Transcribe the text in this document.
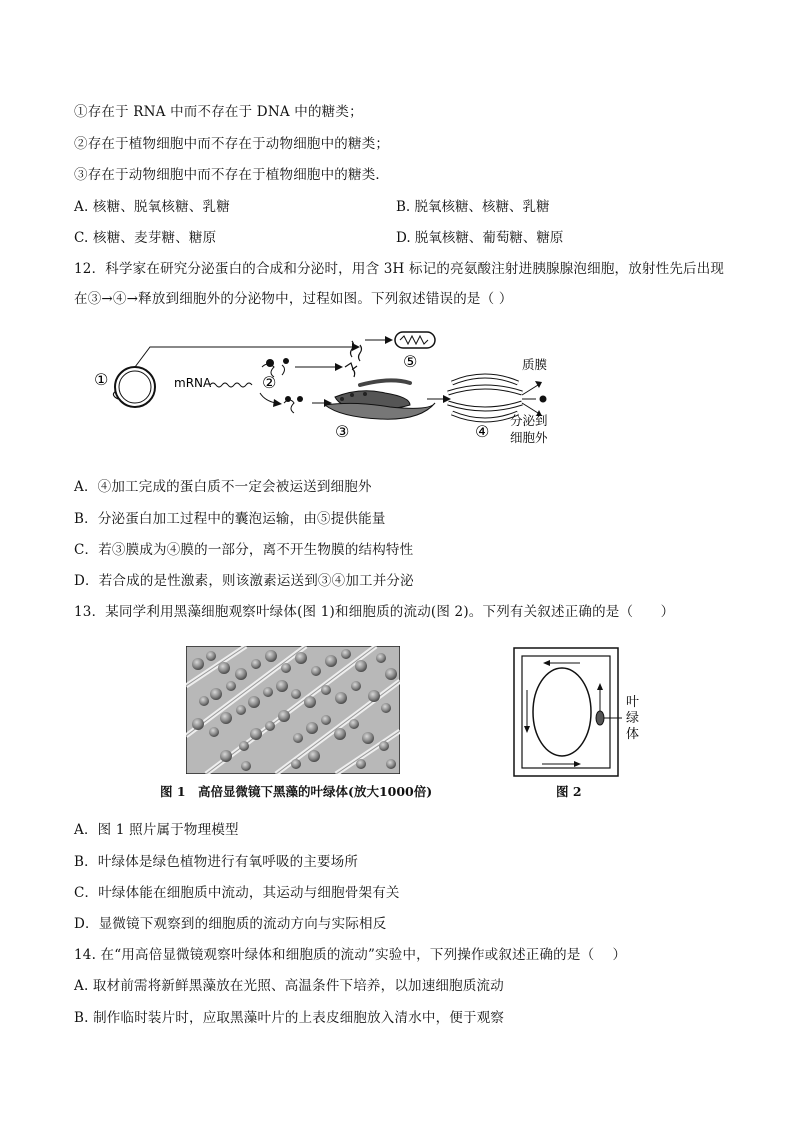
①存在于 RNA 中而不存在于 DNA 中的糖类；
②存在于植物细胞中而不存在于动物细胞中的糖类；
③存在于动物细胞中而不存在于植物细胞中的糖类．
A. 核糖、脱氧核糖、乳糖	B. 脱氧核糖、核糖、乳糖
C. 核糖、麦芽糖、糖原	D. 脱氧核糖、葡萄糖、糖原
12．科学家在研究分泌蛋白的合成和分泌时，用含 3H 标记的亮氨酸注射进胰腺腺泡细胞，放射性先后出现
在③→④→释放到细胞外的分泌物中，过程如图。下列叙述错误的是（ ）
①	mRNA	②
⑤
③	④
质膜
分泌到
细胞外
A．④加工完成的蛋白质不一定会被运送到细胞外
B．分泌蛋白加工过程中的囊泡运输，由⑤提供能量
C．若③膜成为④膜的一部分，离不开生物膜的结构特性
D．若合成的是性激素，则该激素运送到③④加工并分泌
13．某同学利用黑藻细胞观察叶绿体(图 1)和细胞质的流动(图 2)。下列有关叙述正确的是（　　）
图 1　高倍显微镜下黑藻的叶绿体(放大1000倍)
叶
绿
体
图 2
A．图 1 照片属于物理模型
B．叶绿体是绿色植物进行有氧呼吸的主要场所
C．叶绿体能在细胞质中流动，其运动与细胞骨架有关
D．显微镜下观察到的细胞质的流动方向与实际相反
14. 在“用高倍显微镜观察叶绿体和细胞质的流动”实验中，下列操作或叙述正确的是（　 ）
A. 取材前需将新鲜黑藻放在光照、高温条件下培养，以加速细胞质流动
B. 制作临时装片时，应取黑藻叶片的上表皮细胞放入清水中，便于观察
